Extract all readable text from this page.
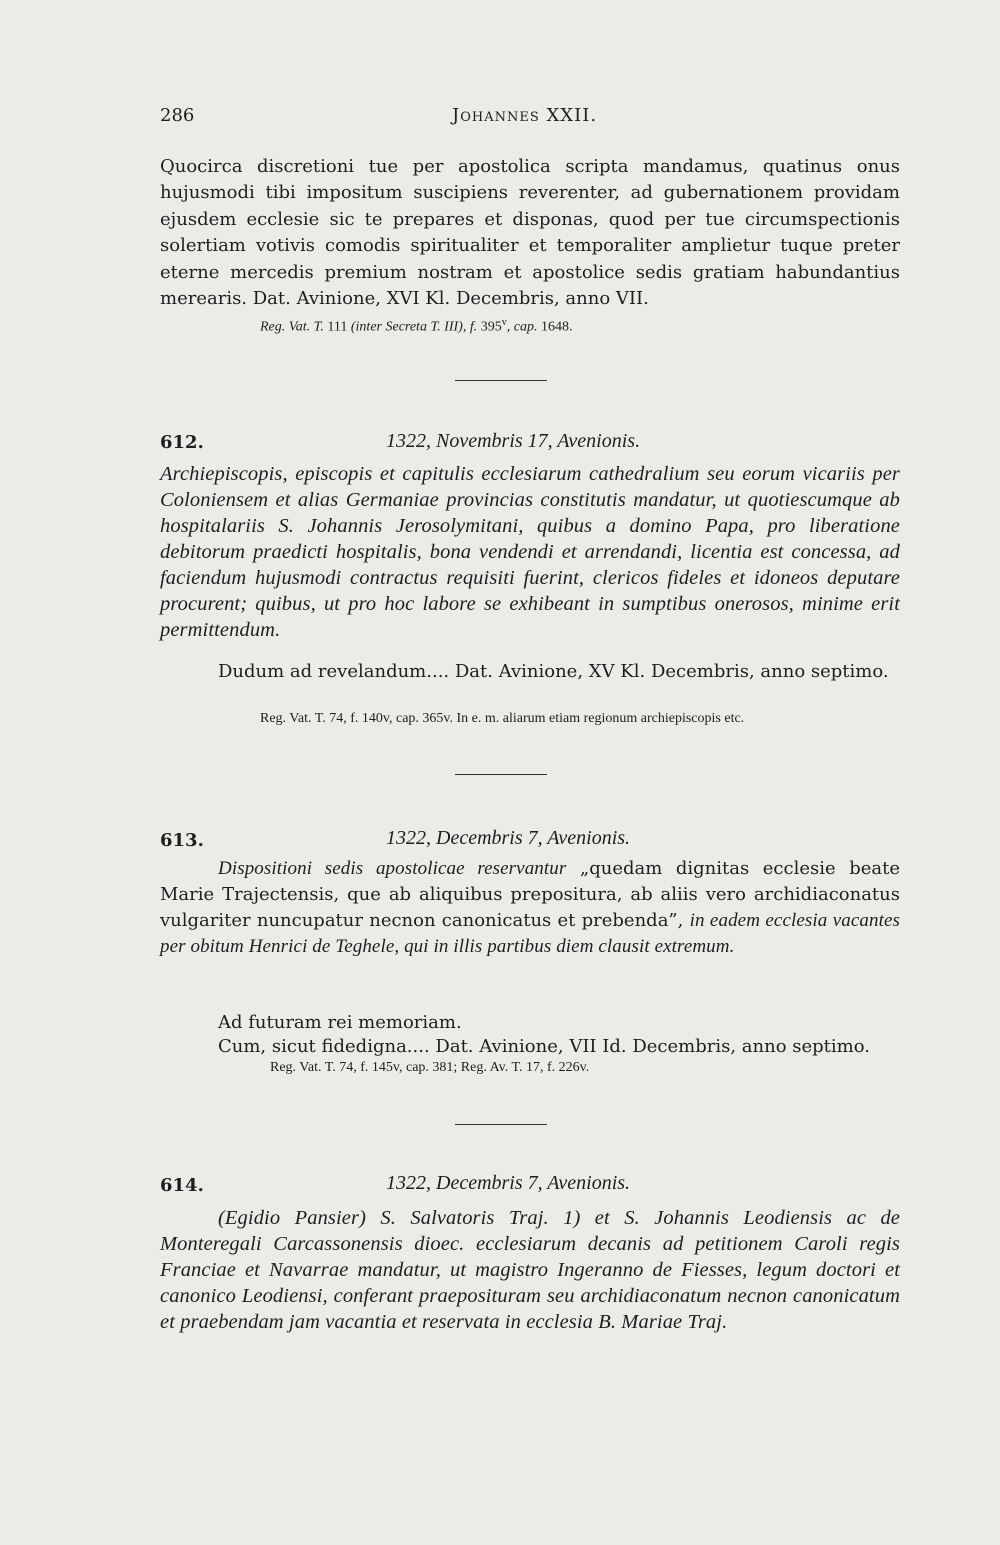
286	Johannes XXII.

Quocirca discretioni tue per apostolica scripta mandamus, quatinus onus hujusmodi tibi impositum suscipiens reverenter, ad gubernationem providam ejusdem ecclesie sic te prepares et disponas, quod per tue circumspectionis solertiam votivis comodis spiritualiter et temporaliter amplietur tuque preter eterne mercedis premium nostram et apostolice sedis gratiam habundantius merearis. Dat. Avinione, XVI Kl. Decembris, anno VII.

Reg. Vat. T. 111 (inter Secreta T. III), f. 395$^v$, cap. 1648.
612.	1322, Novembris 17, Avenionis.

Archiepiscopis, episcopis et capitulis ecclesiarum cathedralium seu eorum vicariis per Coloniensem et alias Germaniae provincias constitutis mandatur, ut quotiescumque ab hospitalariis S. Johannis Jerosolymitani, quibus a domino Papa, pro liberatione debitorum praedicti hospitalis, bona vendendi et arrendandi, licentia est concessa, ad faciendum hujusmodi contractus requisiti fuerint, clericos fideles et idoneos deputare procurent; quibus, ut pro hoc labore se exhibeant in sumptibus onerosos, minime erit permittendum.

Dudum ad revelandum.... Dat. Avinione, XV Kl. Decembris, anno septimo.

Reg. Vat. T. 74, f. 140v, cap. 365v. In e. m. aliarum etiam regionum archiepiscopis etc.
613.	1322, Decembris 7, Avenionis.

Dispositioni sedis apostolicae reservantur „quedam dignitas ecclesie beate Marie Trajectensis, que ab aliquibus prepositura, ab aliis vero archidiaconatus vulgariter nuncupatur necnon canonicatus et prebenda”, in eadem ecclesia vacantes per obitum Henrici de Teghele, qui in illis partibus diem clausit extremum.

Ad futuram rei memoriam.
Cum, sicut fidedigna.... Dat. Avinione, VII Id. Decembris, anno septimo.
Reg. Vat. T. 74, f. 145v, cap. 381; Reg. Av. T. 17, f. 226v.
614.	1322, Decembris 7, Avenionis.

(Egidio Pansier) S. Salvatoris Traj. 1) et S. Johannis Leodiensis ac de Monteregali Carcassonensis dioec. ecclesiarum decanis ad petitionem Caroli regis Franciae et Navarrae mandatur, ut magistro Ingeranno de Fiesses, legum doctori et canonico Leodiensi, conferant praeposituram seu archidiaconatum necnon canonicatum et praebendam jam vacantia et reservata in ecclesia B. Mariae Traj.
